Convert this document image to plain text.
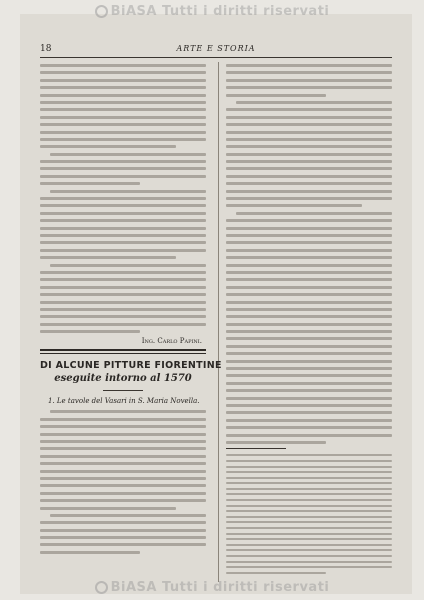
BiASA Tutti i diritti riservati
18	ARTE E STORIA
Ing. Carlo Papini.
DI ALCUNE PITTURE FIORENTINE
eseguite intorno al 1570
1. Le tavole del Vasari in S. Maria Novella.
BiASA Tutti i diritti riservati
